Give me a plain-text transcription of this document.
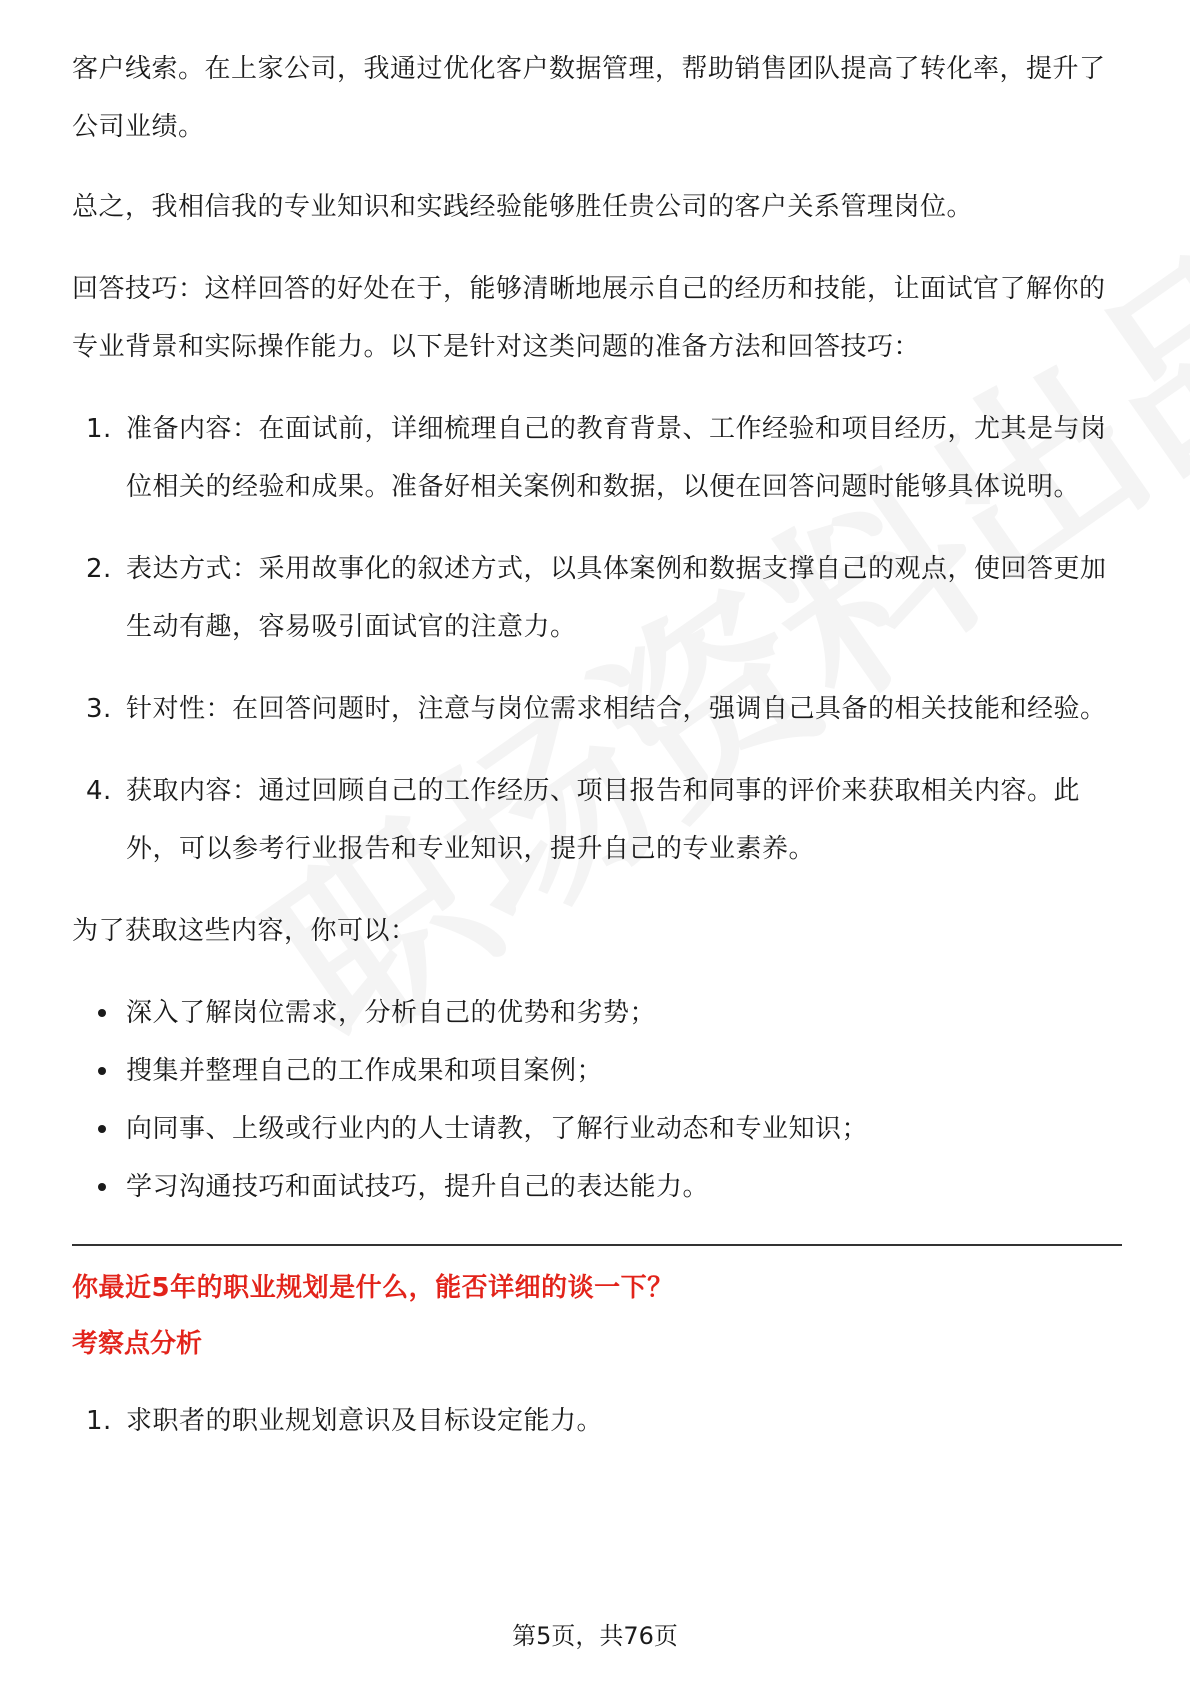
客户线索。在上家公司，我通过优化客户数据管理，帮助销售团队提高了转化率，提升了公司业绩。

总之，我相信我的专业知识和实践经验能够胜任贵公司的客户关系管理岗位。

回答技巧：这样回答的好处在于，能够清晰地展示自己的经历和技能，让面试官了解你的专业背景和实际操作能力。以下是针对这类问题的准备方法和回答技巧：

1. 准备内容：在面试前，详细梳理自己的教育背景、工作经验和项目经历，尤其是与岗位相关的经验和成果。准备好相关案例和数据，以便在回答问题时能够具体说明。
2. 表达方式：采用故事化的叙述方式，以具体案例和数据支撑自己的观点，使回答更加生动有趣，容易吸引面试官的注意力。
3. 针对性：在回答问题时，注意与岗位需求相结合，强调自己具备的相关技能和经验。
4. 获取内容：通过回顾自己的工作经历、项目报告和同事的评价来获取相关内容。此外，可以参考行业报告和专业知识，提升自己的专业素养。

为了获取这些内容，你可以：

深入了解岗位需求，分析自己的优势和劣势；
搜集并整理自己的工作成果和项目案例；
向同事、上级或行业内的人士请教，了解行业动态和专业知识；
学习沟通技巧和面试技巧，提升自己的表达能力。

你最近5年的职业规划是什么，能否详细的谈一下？

考察点分析

1. 求职者的职业规划意识及目标设定能力。
第5页，共76页
